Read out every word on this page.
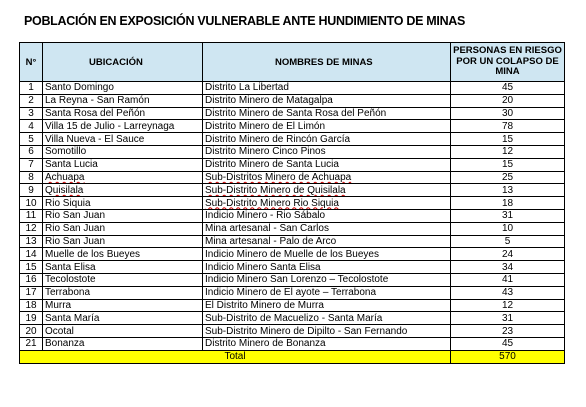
POBLACIÓN EN EXPOSICIÓN VULNERABLE ANTE HUNDIMIENTO DE MINAS
N°	UBICACIÓN	NOMBRES DE MINAS	PERSONAS EN RIESGO POR UN COLAPSO DE MINA
1	Santo Domingo	Distrito La Libertad	45
2	La Reyna - San Ramón	Distrito Minero de Matagalpa	20
3	Santa Rosa del Peñón	Distrito Minero de Santa Rosa del Peñón	30
4	Villa 15 de Julio - Larreynaga	Distrito Minero de El Limón	78
5	Villa Nueva - El Sauce	Distrito Minero de Rincón García	15
6	Somotillo	Distrito Minero Cinco Pinos	12
7	Santa Lucia	Distrito Minero de Santa Lucia	15
8	Achuapa	Sub-Distritos Minero de Achuapa	25
9	Quisilala	Sub-Distrito Minero de Quisilala	13
10	Rio Siquia	Sub-Distrito Minero Rio Siquia	18
11	Rio San Juan	Indicio Minero - Rio Sábalo	31
12	Rio San Juan	Mina artesanal - San Carlos	10
13	Rio San Juan	Mina artesanal - Palo de Arco	5
14	Muelle de los Bueyes	Indicio Minero de Muelle de los Bueyes	24
15	Santa Elisa	Indicio Minero Santa Elisa	34
16	Tecolostote	Indicio Minero San Lorenzo – Tecolostote	41
17	Terrabona	Indicio Minero de El ayote – Terrabona	43
18	Murra	El Distrito Minero de Murra	12
19	Santa María	Sub-Distrito de Macuelizo - Santa María	31
20	Ocotal	Sub-Distrito Minero de Dipilto - San Fernando	23
21	Bonanza	Distrito Minero de Bonanza	45
Total			570
